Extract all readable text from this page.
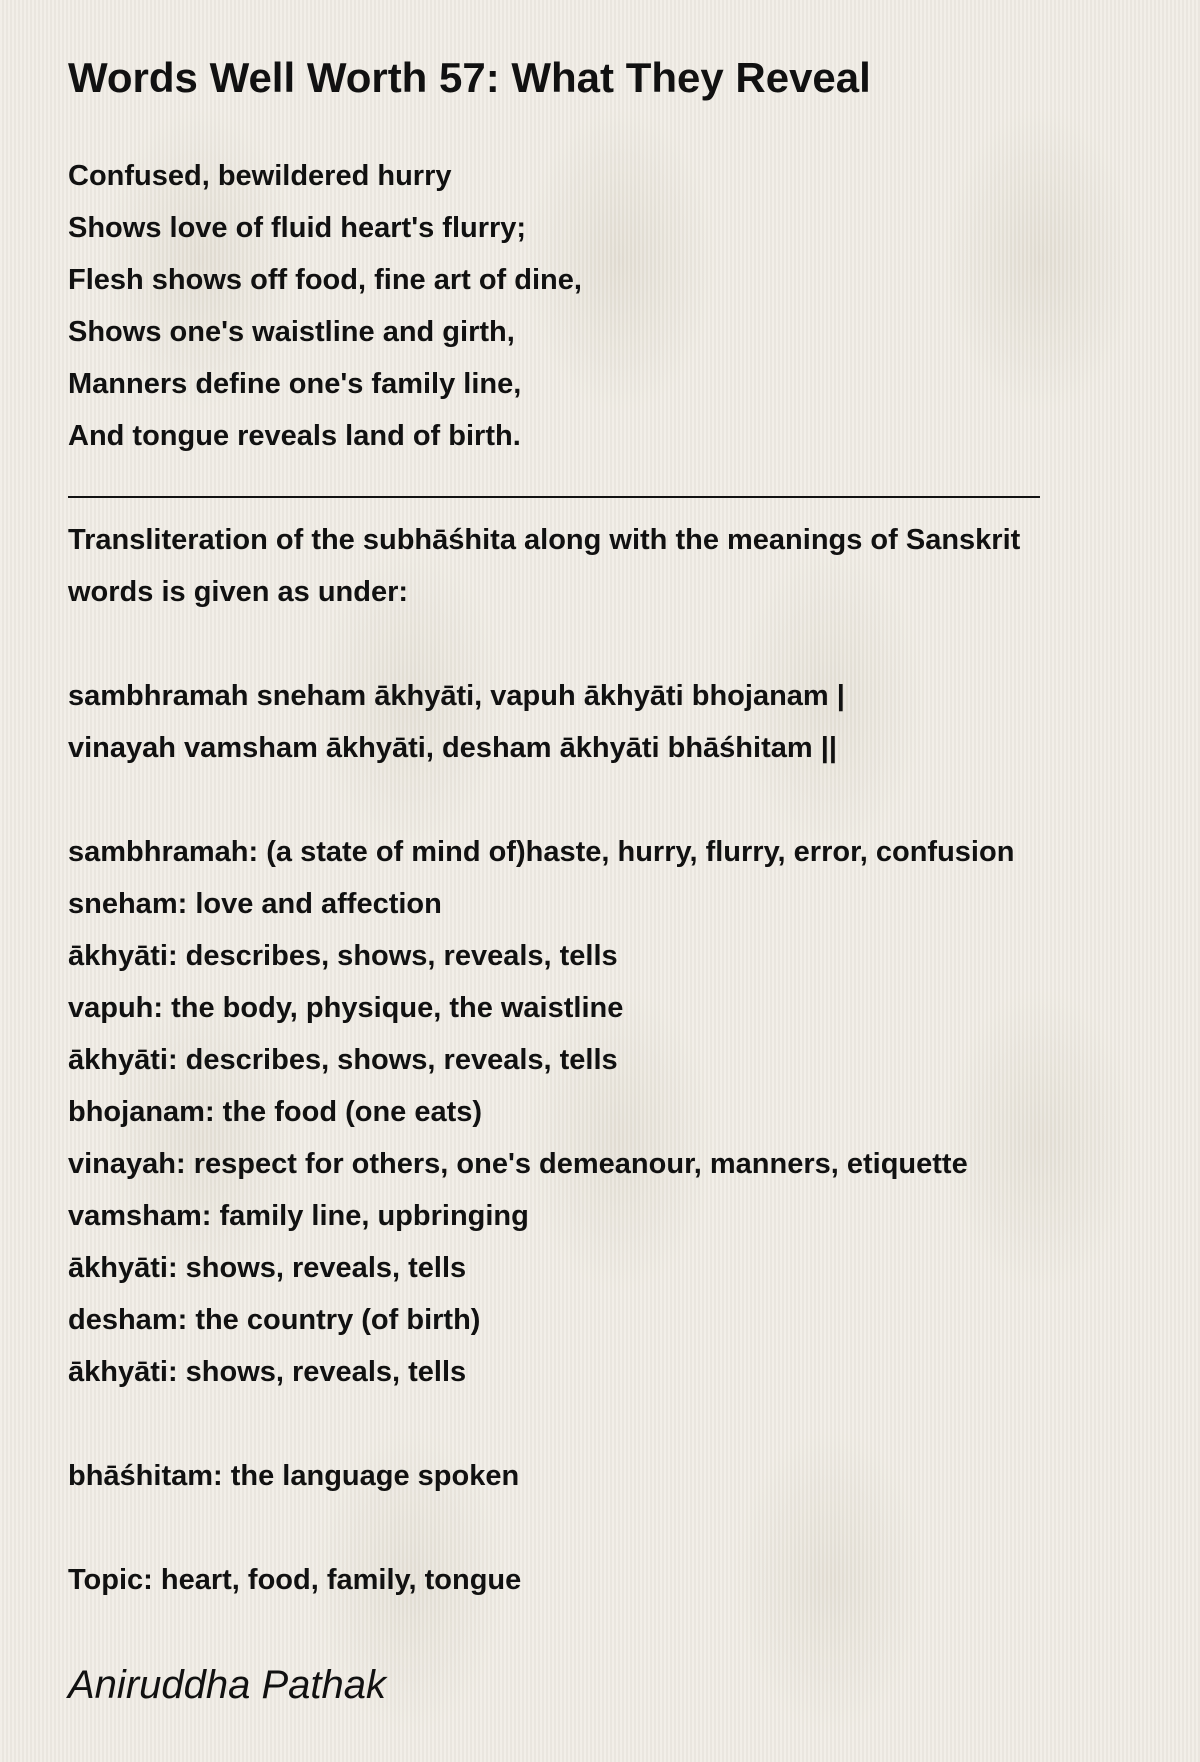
Words Well Worth 57: What They Reveal
Confused, bewildered hurry
Shows love of fluid heart's flurry;
Flesh shows off food, fine art of dine,
Shows one's waistline and girth,
Manners define one's family line,
And tongue reveals land of birth.
Transliteration of the subhāśhita along with the meanings of Sanskrit
words is given as under:
sambhramah sneham ākhyāti, vapuh ākhyāti bhojanam |
vinayah vamsham ākhyāti, desham ākhyāti bhāśhitam ||
sambhramah: (a state of mind of)haste, hurry, flurry, error, confusion
sneham: love and affection
ākhyāti: describes, shows, reveals, tells
vapuh: the body, physique, the waistline
ākhyāti: describes, shows, reveals, tells
bhojanam: the food (one eats)
vinayah: respect for others, one's demeanour, manners, etiquette
vamsham: family line, upbringing
ākhyāti: shows, reveals, tells
desham: the country (of birth)
ākhyāti: shows, reveals, tells
bhāśhitam: the language spoken
Topic: heart, food, family, tongue
Aniruddha Pathak
